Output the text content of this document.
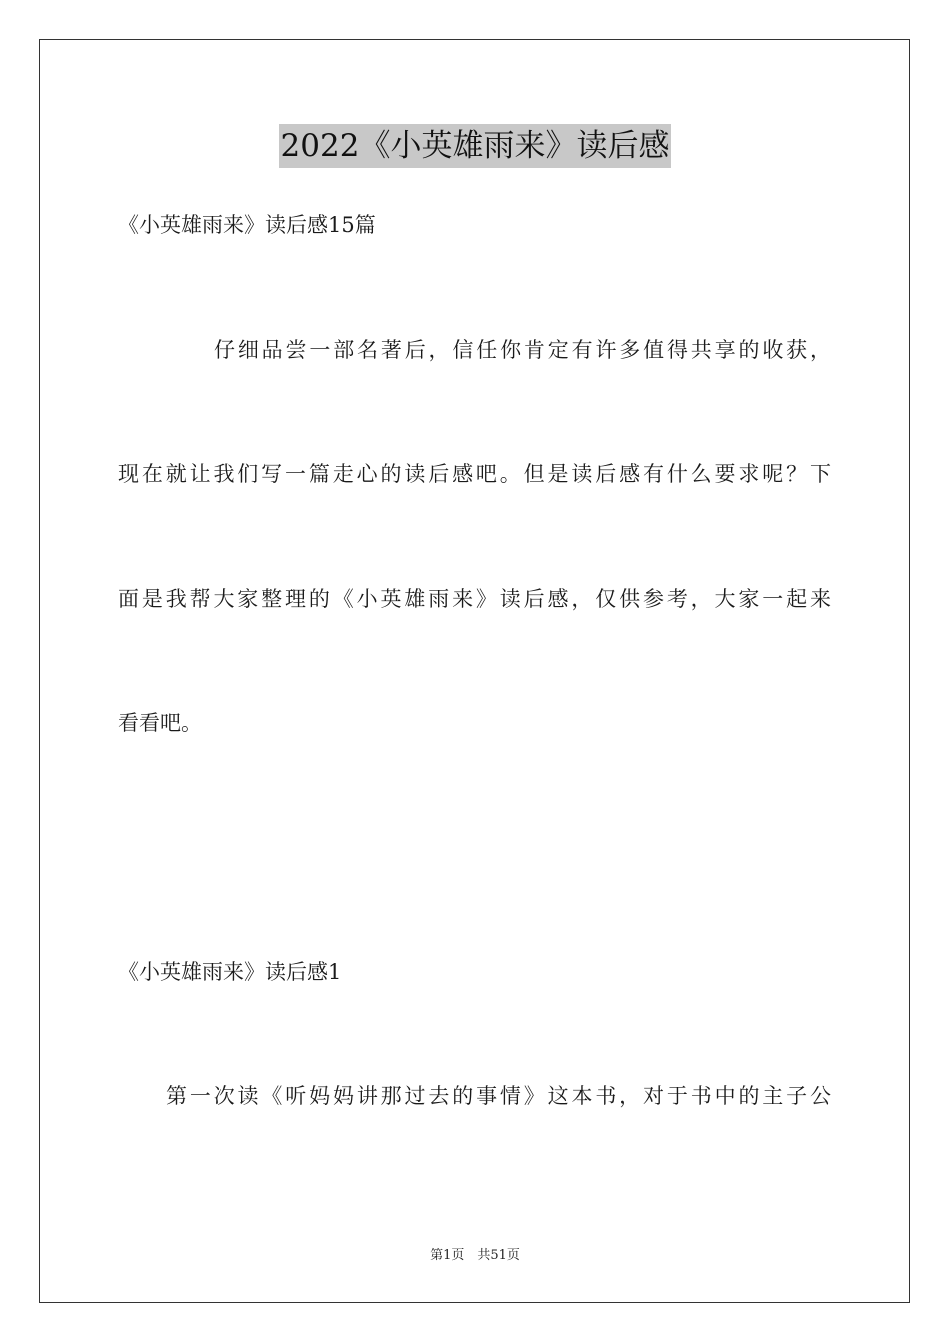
2022《小英雄雨来》读后感
《小英雄雨来》读后感15篇
仔细品尝一部名著后，信任你肯定有许多值得共享的收获，
现在就让我们写一篇走心的读后感吧。但是读后感有什么要求呢？下
面是我帮大家整理的《小英雄雨来》读后感，仅供参考，大家一起来
看看吧。
《小英雄雨来》读后感1
第一次读《听妈妈讲那过去的事情》这本书，对于书中的主子公
第1页　共51页
